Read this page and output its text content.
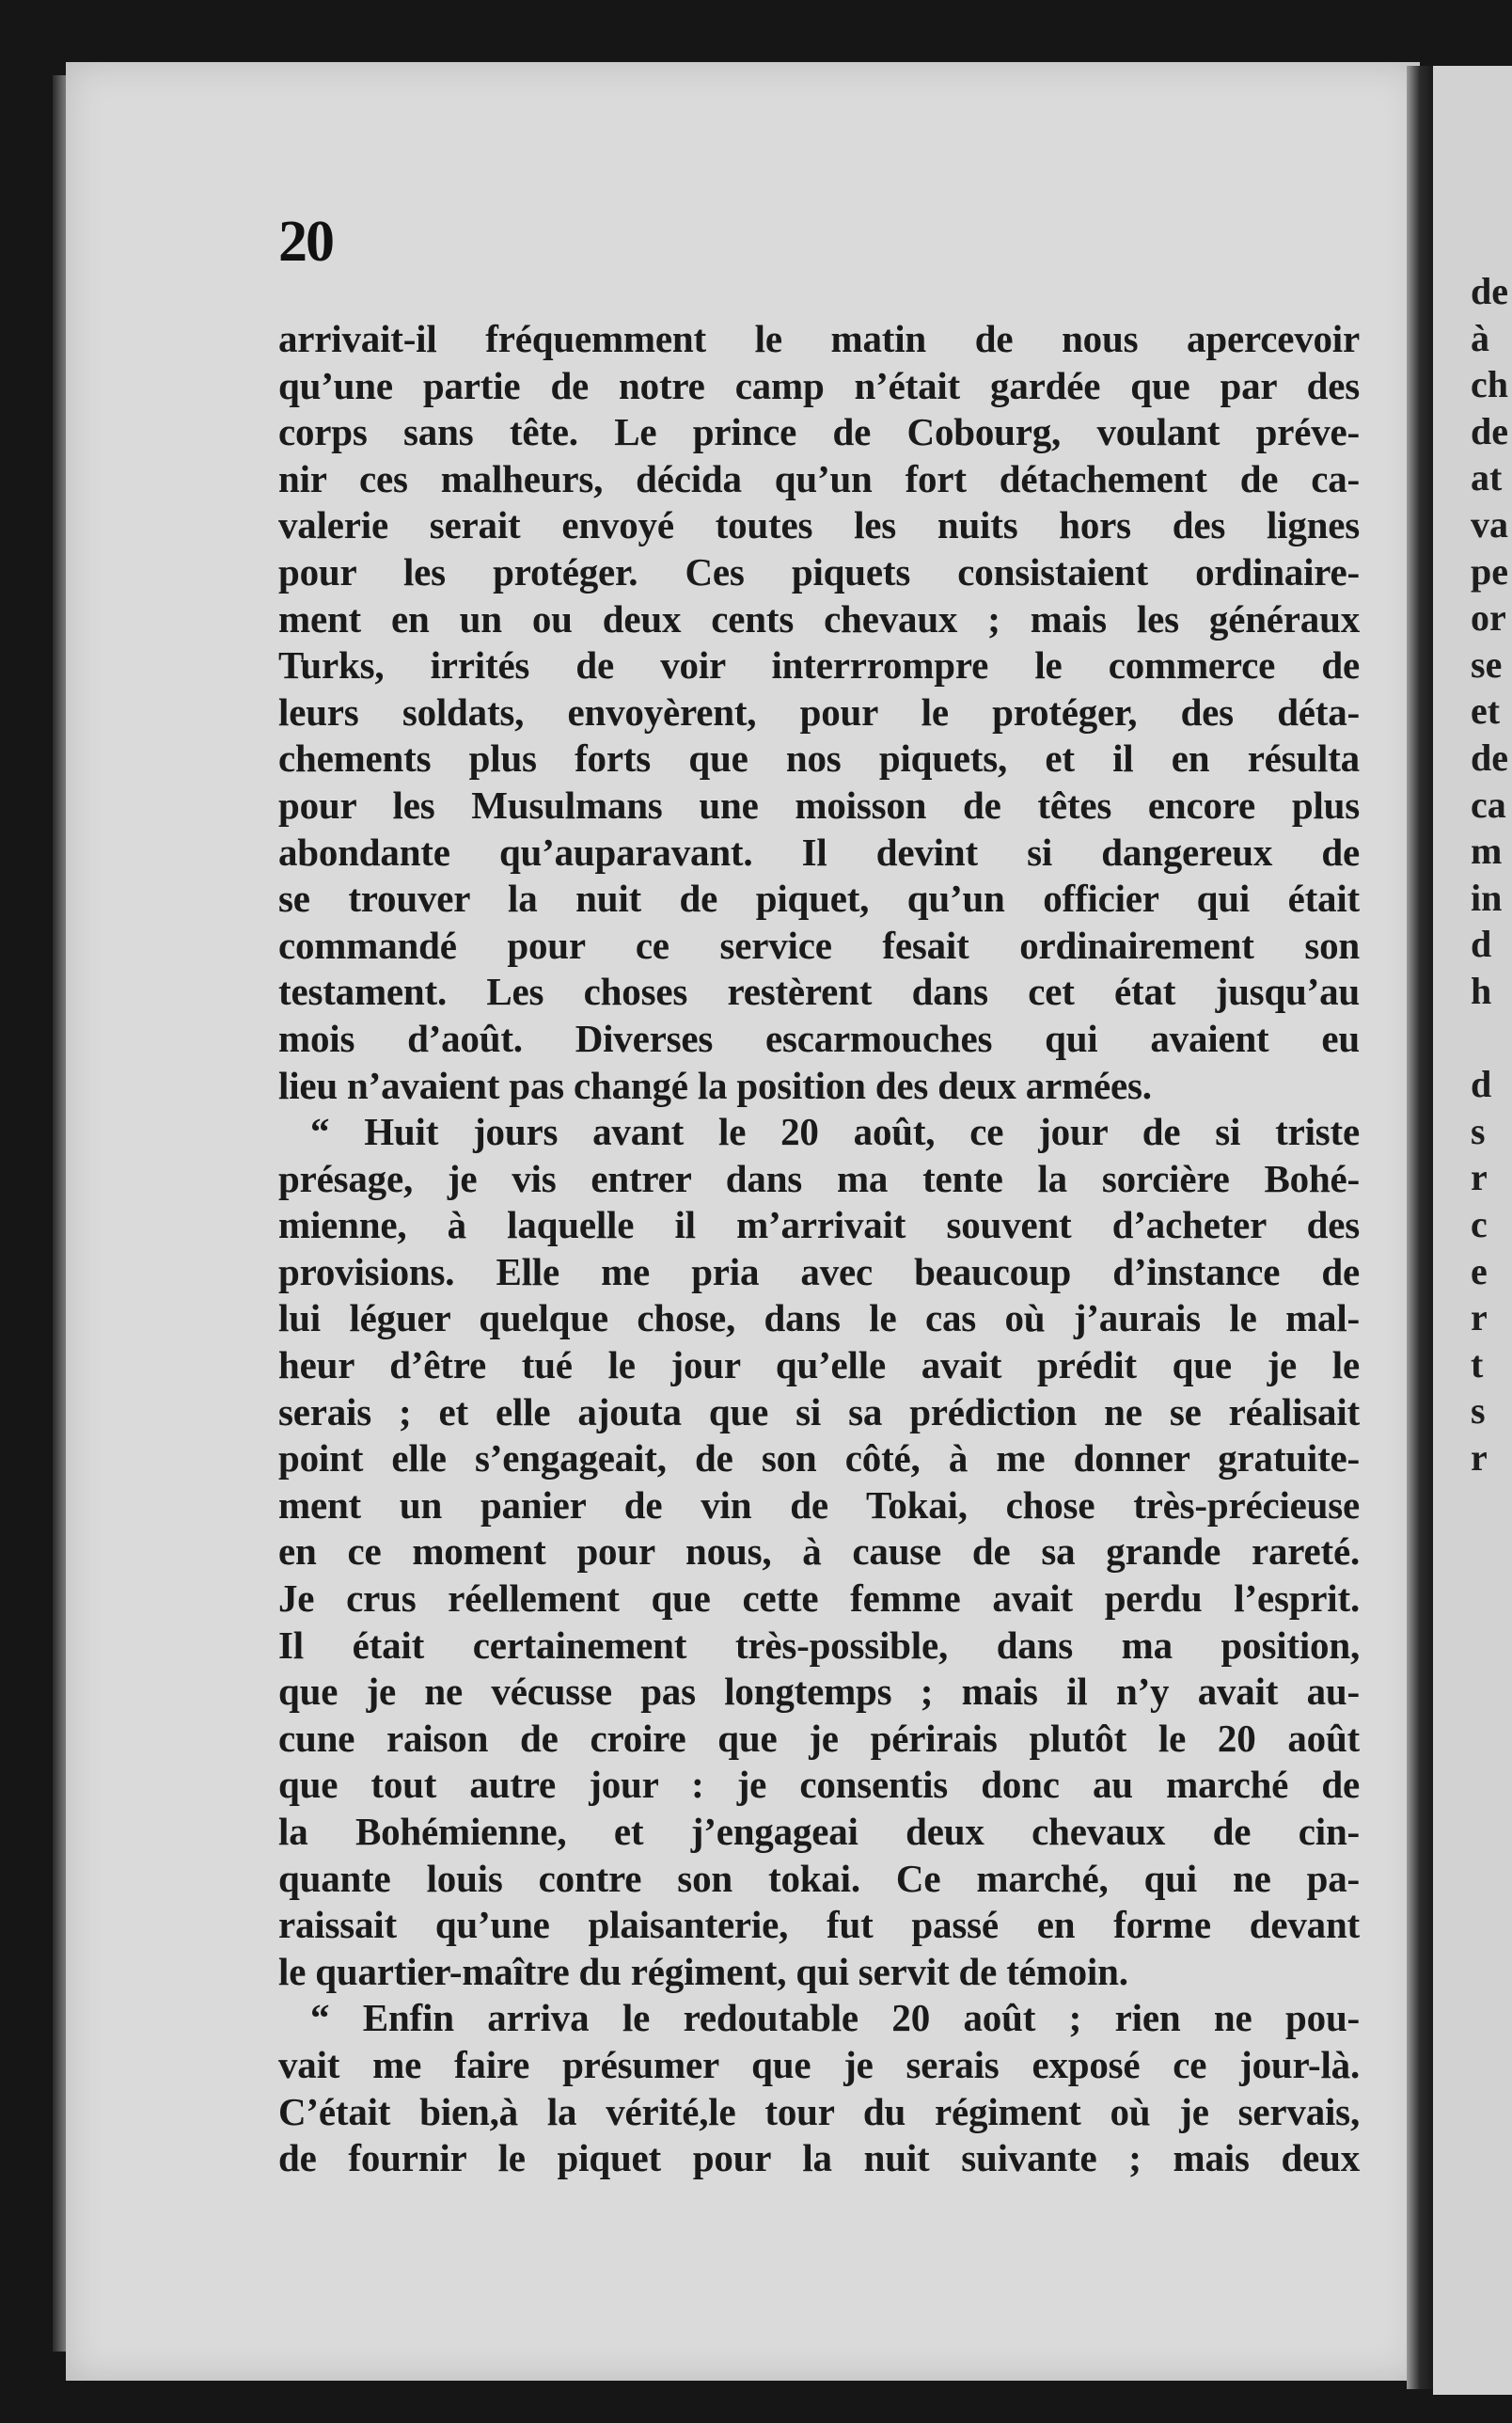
20
arrivait-il fréquemment le matin de nous apercevoir
qu’une partie de notre camp n’était gardée que par des
corps sans tête. Le prince de Cobourg, voulant préve-
nir ces malheurs, décida qu’un fort détachement de ca-
valerie serait envoyé toutes les nuits hors des lignes
pour les protéger. Ces piquets consistaient ordinaire-
ment en un ou deux cents chevaux ; mais les généraux
Turks, irrités de voir interrrompre le commerce de
leurs soldats, envoyèrent, pour le protéger, des déta-
chements plus forts que nos piquets, et il en résulta
pour les Musulmans une moisson de têtes encore plus
abondante qu’auparavant. Il devint si dangereux de
se trouver la nuit de piquet, qu’un officier qui était
commandé pour ce service fesait ordinairement son
testament. Les choses restèrent dans cet état jusqu’au
mois d’août. Diverses escarmouches qui avaient eu
lieu n’avaient pas changé la position des deux armées.
“ Huit jours avant le 20 août, ce jour de si triste
présage, je vis entrer dans ma tente la sorcière Bohé-
mienne, à laquelle il m’arrivait souvent d’acheter des
provisions. Elle me pria avec beaucoup d’instance de
lui léguer quelque chose, dans le cas où j’aurais le mal-
heur d’être tué le jour qu’elle avait prédit que je le
serais ; et elle ajouta que si sa prédiction ne se réalisait
point elle s’engageait, de son côté, à me donner gratuite-
ment un panier de vin de Tokai, chose très-précieuse
en ce moment pour nous, à cause de sa grande rareté.
Je crus réellement que cette femme avait perdu l’esprit.
Il était certainement très-possible, dans ma position,
que je ne vécusse pas longtemps ; mais il n’y avait au-
cune raison de croire que je périrais plutôt le 20 août
que tout autre jour : je consentis donc au marché de
la Bohémienne, et j’engageai deux chevaux de cin-
quante louis contre son tokai. Ce marché, qui ne pa-
raissait qu’une plaisanterie, fut passé en forme devant
le quartier-maître du régiment, qui servit de témoin.
“ Enfin arriva le redoutable 20 août ; rien ne pou-
vait me faire présumer que je serais exposé ce jour-là.
C’était bien,à la vérité,le tour du régiment où je servais,
de fournir le piquet pour la nuit suivante ; mais deux
de
à
ch
de
at
va
pe
or
se
et
de
ca
m
in
d
h
d
s
r
c
e
r
t
s
r
